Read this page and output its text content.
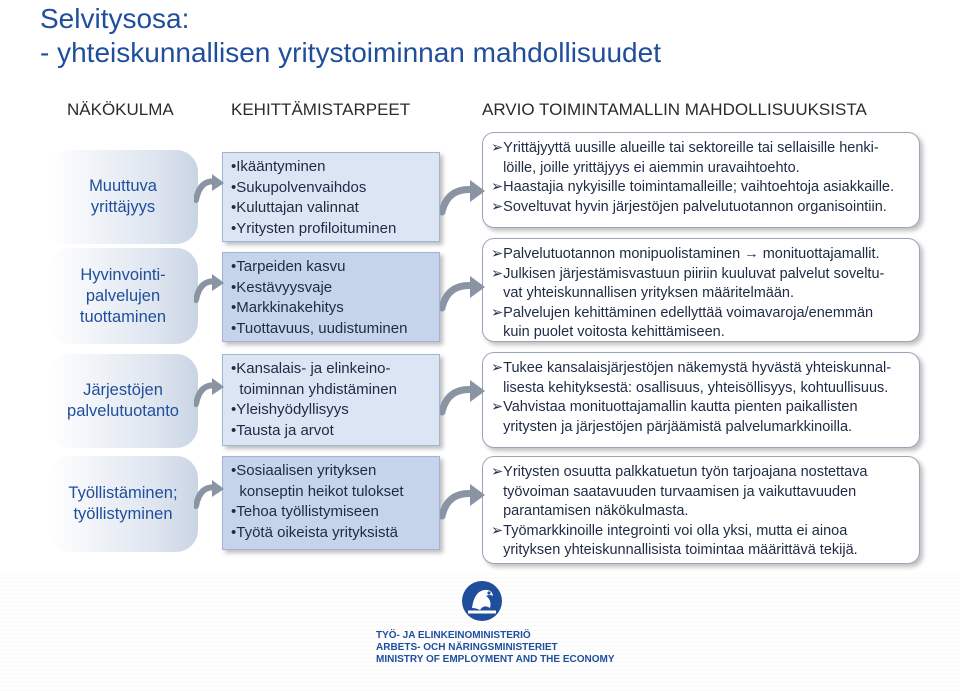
Selvitysosa:
- yhteiskunnallisen yritystoiminnan mahdollisuudet
NÄKÖKULMA	KEHITTÄMISTARPEET	ARVIO TOIMINTAMALLIN MAHDOLLISUUKSISTA
Muuttuva
yrittäjyys
•Ikääntyminen
•Sukupolvenvaihdos
•Kuluttajan valinnat
•Yritysten profiloituminen
➢Yrittäjyyttä uusille alueille tai sektoreille tai sellaisille henki-
löille, joille yrittäjyys ei aiemmin uravaihtoehto.
➢Haastajia nykyisille toimintamalleille; vaihtoehtoja asiakkaille.
➢Soveltuvat hyvin järjestöjen palvelutuotannon organisointiin.
Hyvinvointi-
palvelujen
tuottaminen
•Tarpeiden kasvu
•Kestävyysvaje
•Markkinakehitys
•Tuottavuus, uudistuminen
➢Palvelutuotannon monipuolistaminen → monituottajamallit.
➢Julkisen järjestämisvastuun piiriin kuuluvat palvelut soveltu-
vat yhteiskunnallisen yrityksen määritelmään.
➢Palvelujen kehittäminen edellyttää voimavaroja/enemmän
kuin puolet voitosta kehittämiseen.
Järjestöjen
palvelutuotanto
•Kansalais- ja elinkeino-
toiminnan yhdistäminen
•Yleishyödyllisyys
•Tausta ja arvot
➢Tukee kansalaisjärjestöjen näkemystä hyvästä yhteiskunnal-
lisesta kehityksestä: osallisuus, yhteisöllisyys, kohtuullisuus.
➢Vahvistaa monituottajamallin kautta pienten paikallisten
yritysten ja järjestöjen pärjäämistä palvelumarkkinoilla.
Työllistäminen;
työllistyminen
•Sosiaalisen yrityksen
konseptin heikot tulokset
•Tehoa työllistymiseen
•Työtä oikeista yrityksistä
➢Yritysten osuutta palkkatuetun työn tarjoajana nostettava
työvoiman saatavuuden turvaamisen ja vaikuttavuuden
parantamisen näkökulmasta.
➢Työmarkkinoille integrointi voi olla yksi, mutta ei ainoa
yrityksen yhteiskunnallisista toimintaa määrittävä tekijä.
TYÖ- JA ELINKEINOMINISTERIÖ
ARBETS- OCH NÄRINGSMINISTERIET
MINISTRY OF EMPLOYMENT AND THE ECONOMY
